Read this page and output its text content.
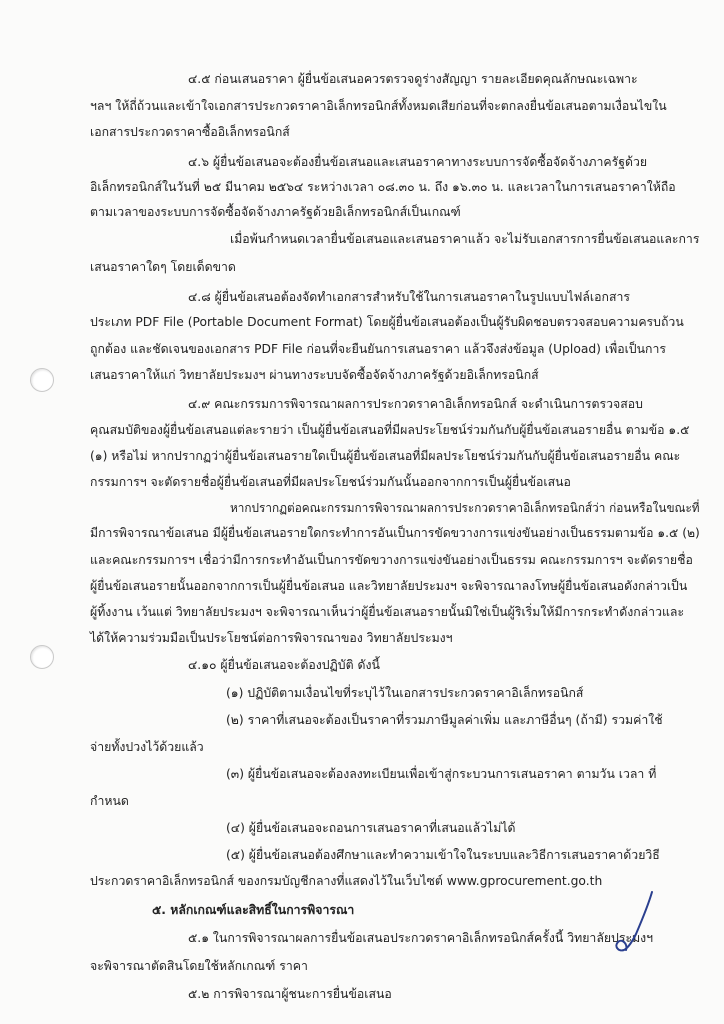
๔.๕ ก่อนเสนอราคา ผู้ยื่นข้อเสนอควรตรวจดูร่างสัญญา รายละเอียดคุณลักษณะเฉพาะ
ฯลฯ ให้ถี่ถ้วนและเข้าใจเอกสารประกวดราคาอิเล็กทรอนิกส์ทั้งหมดเสียก่อนที่จะตกลงยื่นข้อเสนอตามเงื่อนไขใน
เอกสารประกวดราคาซื้ออิเล็กทรอนิกส์
๔.๖ ผู้ยื่นข้อเสนอจะต้องยื่นข้อเสนอและเสนอราคาทางระบบการจัดซื้อจัดจ้างภาครัฐด้วย
อิเล็กทรอนิกส์ในวันที่ ๒๕ มีนาคม ๒๕๖๔ ระหว่างเวลา ๐๘.๓๐ น. ถึง ๑๖.๓๐ น. และเวลาในการเสนอราคาให้ถือ
ตามเวลาของระบบการจัดซื้อจัดจ้างภาครัฐด้วยอิเล็กทรอนิกส์เป็นเกณฑ์
เมื่อพ้นกำหนดเวลายื่นข้อเสนอและเสนอราคาแล้ว จะไม่รับเอกสารการยื่นข้อเสนอและการ
เสนอราคาใดๆ โดยเด็ดขาด
๔.๘ ผู้ยื่นข้อเสนอต้องจัดทำเอกสารสำหรับใช้ในการเสนอราคาในรูปแบบไฟล์เอกสาร
ประเภท PDF File (Portable Document Format) โดยผู้ยื่นข้อเสนอต้องเป็นผู้รับผิดชอบตรวจสอบความครบถ้วน
ถูกต้อง และชัดเจนของเอกสาร PDF File ก่อนที่จะยืนยันการเสนอราคา แล้วจึงส่งข้อมูล (Upload) เพื่อเป็นการ
เสนอราคาให้แก่ วิทยาลัยประมงฯ ผ่านทางระบบจัดซื้อจัดจ้างภาครัฐด้วยอิเล็กทรอนิกส์
๔.๙ คณะกรรมการพิจารณาผลการประกวดราคาอิเล็กทรอนิกส์ จะดำเนินการตรวจสอบ
คุณสมบัติของผู้ยื่นข้อเสนอแต่ละรายว่า เป็นผู้ยื่นข้อเสนอที่มีผลประโยชน์ร่วมกันกับผู้ยื่นข้อเสนอรายอื่น ตามข้อ ๑.๕
(๑) หรือไม่ หากปรากฏว่าผู้ยื่นข้อเสนอรายใดเป็นผู้ยื่นข้อเสนอที่มีผลประโยชน์ร่วมกันกับผู้ยื่นข้อเสนอรายอื่น คณะ
กรรมการฯ จะตัดรายชื่อผู้ยื่นข้อเสนอที่มีผลประโยชน์ร่วมกันนั้นออกจากการเป็นผู้ยื่นข้อเสนอ
หากปรากฏต่อคณะกรรมการพิจารณาผลการประกวดราคาอิเล็กทรอนิกส์ว่า ก่อนหรือในขณะที่
มีการพิจารณาข้อเสนอ มีผู้ยื่นข้อเสนอรายใดกระทำการอันเป็นการขัดขวางการแข่งขันอย่างเป็นธรรมตามข้อ ๑.๕ (๒)
และคณะกรรมการฯ เชื่อว่ามีการกระทำอันเป็นการขัดขวางการแข่งขันอย่างเป็นธรรม คณะกรรมการฯ จะตัดรายชื่อ
ผู้ยื่นข้อเสนอรายนั้นออกจากการเป็นผู้ยื่นข้อเสนอ และวิทยาลัยประมงฯ จะพิจารณาลงโทษผู้ยื่นข้อเสนอดังกล่าวเป็น
ผู้ทิ้งงาน เว้นแต่ วิทยาลัยประมงฯ จะพิจารณาเห็นว่าผู้ยื่นข้อเสนอรายนั้นมิใช่เป็นผู้ริเริ่มให้มีการกระทำดังกล่าวและ
ได้ให้ความร่วมมือเป็นประโยชน์ต่อการพิจารณาของ วิทยาลัยประมงฯ
๔.๑๐ ผู้ยื่นข้อเสนอจะต้องปฏิบัติ ดังนี้
(๑) ปฏิบัติตามเงื่อนไขที่ระบุไว้ในเอกสารประกวดราคาอิเล็กทรอนิกส์
(๒) ราคาที่เสนอจะต้องเป็นราคาที่รวมภาษีมูลค่าเพิ่ม และภาษีอื่นๆ (ถ้ามี) รวมค่าใช้
จ่ายทั้งปวงไว้ด้วยแล้ว
(๓) ผู้ยื่นข้อเสนอจะต้องลงทะเบียนเพื่อเข้าสู่กระบวนการเสนอราคา ตามวัน เวลา ที่
กำหนด
(๔) ผู้ยื่นข้อเสนอจะถอนการเสนอราคาที่เสนอแล้วไม่ได้
(๕) ผู้ยื่นข้อเสนอต้องศึกษาและทำความเข้าใจในระบบและวิธีการเสนอราคาด้วยวิธี
ประกวดราคาอิเล็กทรอนิกส์ ของกรมบัญชีกลางที่แสดงไว้ในเว็บไซต์ www.gprocurement.go.th
๕. หลักเกณฑ์และสิทธิ์ในการพิจารณา
๕.๑ ในการพิจารณาผลการยื่นข้อเสนอประกวดราคาอิเล็กทรอนิกส์ครั้งนี้ วิทยาลัยประมงฯ
จะพิจารณาตัดสินโดยใช้หลักเกณฑ์ ราคา
๕.๒ การพิจารณาผู้ชนะการยื่นข้อเสนอ
